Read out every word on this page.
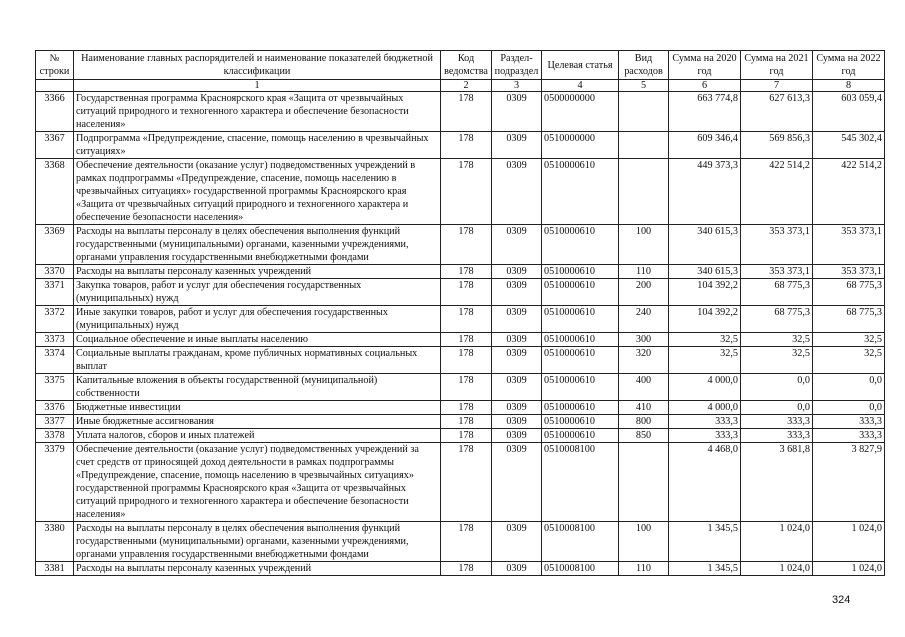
№ строки	Наименование главных распорядителей и наименование показателей бюджетной классификации	Код ведомства	Раздел-подраздел	Целевая статья	Вид расходов	Сумма на 2020 год	Сумма на 2021 год	Сумма на 2022 год
	1	2	3	4	5	6	7	8
3366	Государственная программа Красноярского края «Защита от чрезвычайных ситуаций природного и техногенного характера и обеспечение безопасности населения»	178	0309	0500000000		663 774,8	627 613,3	603 059,4
3367	Подпрограмма «Предупреждение, спасение, помощь населению в чрезвычайных ситуациях»	178	0309	0510000000		609 346,4	569 856,3	545 302,4
3368	Обеспечение деятельности (оказание услуг) подведомственных учреждений в рамках подпрограммы «Предупреждение, спасение, помощь населению в чрезвычайных ситуациях» государственной программы Красноярского края «Защита от чрезвычайных ситуаций природного и техногенного характера и обеспечение безопасности населения»	178	0309	0510000610		449 373,3	422 514,2	422 514,2
3369	Расходы на выплаты персоналу в целях обеспечения выполнения функций государственными (муниципальными) органами, казенными учреждениями, органами управления государственными внебюджетными фондами	178	0309	0510000610	100	340 615,3	353 373,1	353 373,1
3370	Расходы на выплаты персоналу казенных учреждений	178	0309	0510000610	110	340 615,3	353 373,1	353 373,1
3371	Закупка товаров, работ и услуг для обеспечения государственных (муниципальных) нужд	178	0309	0510000610	200	104 392,2	68 775,3	68 775,3
3372	Иные закупки товаров, работ и услуг для обеспечения государственных (муниципальных) нужд	178	0309	0510000610	240	104 392,2	68 775,3	68 775,3
3373	Социальное обеспечение и иные выплаты населению	178	0309	0510000610	300	32,5	32,5	32,5
3374	Социальные выплаты гражданам, кроме публичных нормативных социальных выплат	178	0309	0510000610	320	32,5	32,5	32,5
3375	Капитальные вложения в объекты государственной (муниципальной) собственности	178	0309	0510000610	400	4 000,0	0,0	0,0
3376	Бюджетные инвестиции	178	0309	0510000610	410	4 000,0	0,0	0,0
3377	Иные бюджетные ассигнования	178	0309	0510000610	800	333,3	333,3	333,3
3378	Уплата налогов, сборов и иных платежей	178	0309	0510000610	850	333,3	333,3	333,3
3379	Обеспечение деятельности (оказание услуг) подведомственных учреждений за счет средств от приносящей доход деятельности в рамках подпрограммы «Предупреждение, спасение, помощь населению в чрезвычайных ситуациях» государственной программы Красноярского края «Защита от чрезвычайных ситуаций природного и техногенного характера и обеспечение безопасности населения»	178	0309	0510008100		4 468,0	3 681,8	3 827,9
3380	Расходы на выплаты персоналу в целях обеспечения выполнения функций государственными (муниципальными) органами, казенными учреждениями, органами управления государственными внебюджетными фондами	178	0309	0510008100	100	1 345,5	1 024,0	1 024,0
3381	Расходы на выплаты персоналу казенных учреждений	178	0309	0510008100	110	1 345,5	1 024,0	1 024,0
324
